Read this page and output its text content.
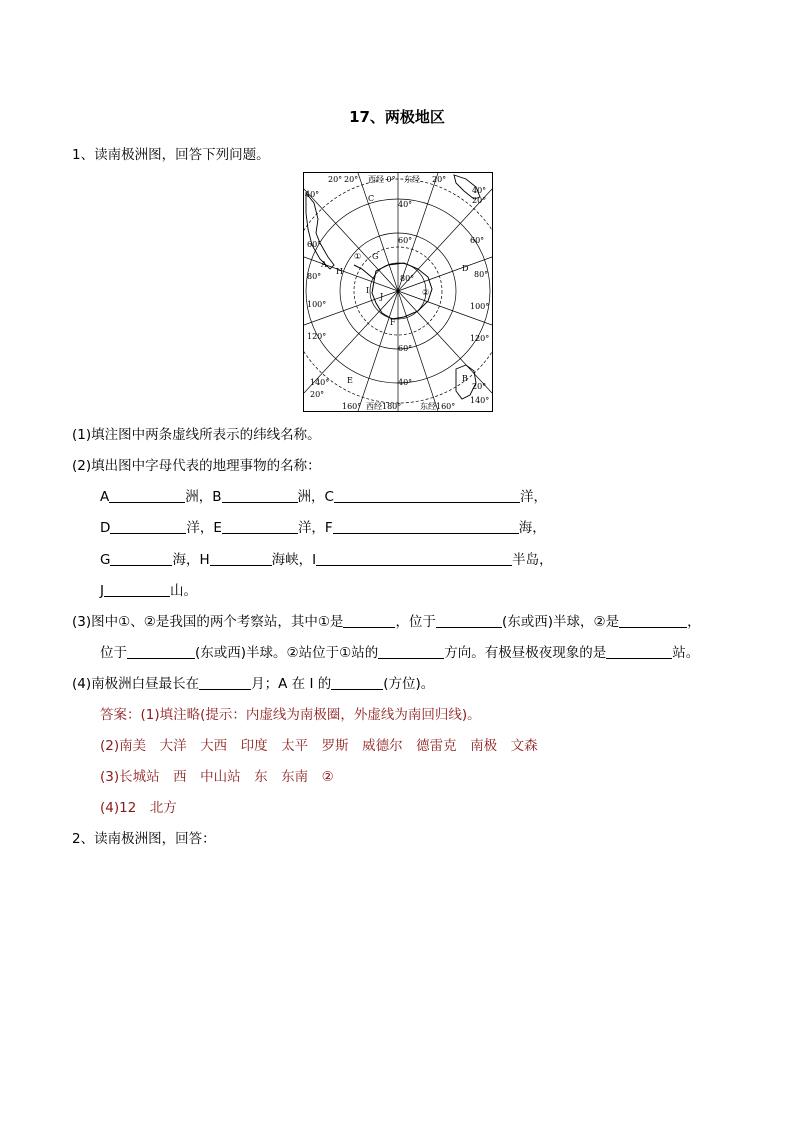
17、两极地区
1、读南极洲图，回答下列问题。
20° 20° 西经 0° 东经 20°
40°
60°
80°
100°
120°
140°
20°
40°
20°
60°
80°
100°
120°
20°
140°
40°
60°
80°
60°
40°
160° 西经180° 东经160°
A
B
C
D
E
F
G
H
I
J
①
②
(1)填注图中两条虚线所表示的纬线名称。
(2)填出图中字母代表的地理事物的名称：
A	洲，B	洲，C	洋，
D	洋，E	洋，F	海，
G	海，H	海峡，I	半岛，
J	山。
(3)图中①、②是我国的两个考察站，其中①是	，位于	(东或西)半球，②是	，
位于	(东或西)半球。②站位于①站的	方向。有极昼极夜现象的是	站。
(4)南极洲白昼最长在	月；A 在 I 的	(方位)。
答案：(1)填注略(提示：内虚线为南极圈，外虚线为南回归线)。
(2)南美　大洋　大西　印度　太平　罗斯　威德尔　德雷克　南极　文森
(3)长城站　西　中山站　东　东南　②
(4)12　北方
2、读南极洲图，回答：
